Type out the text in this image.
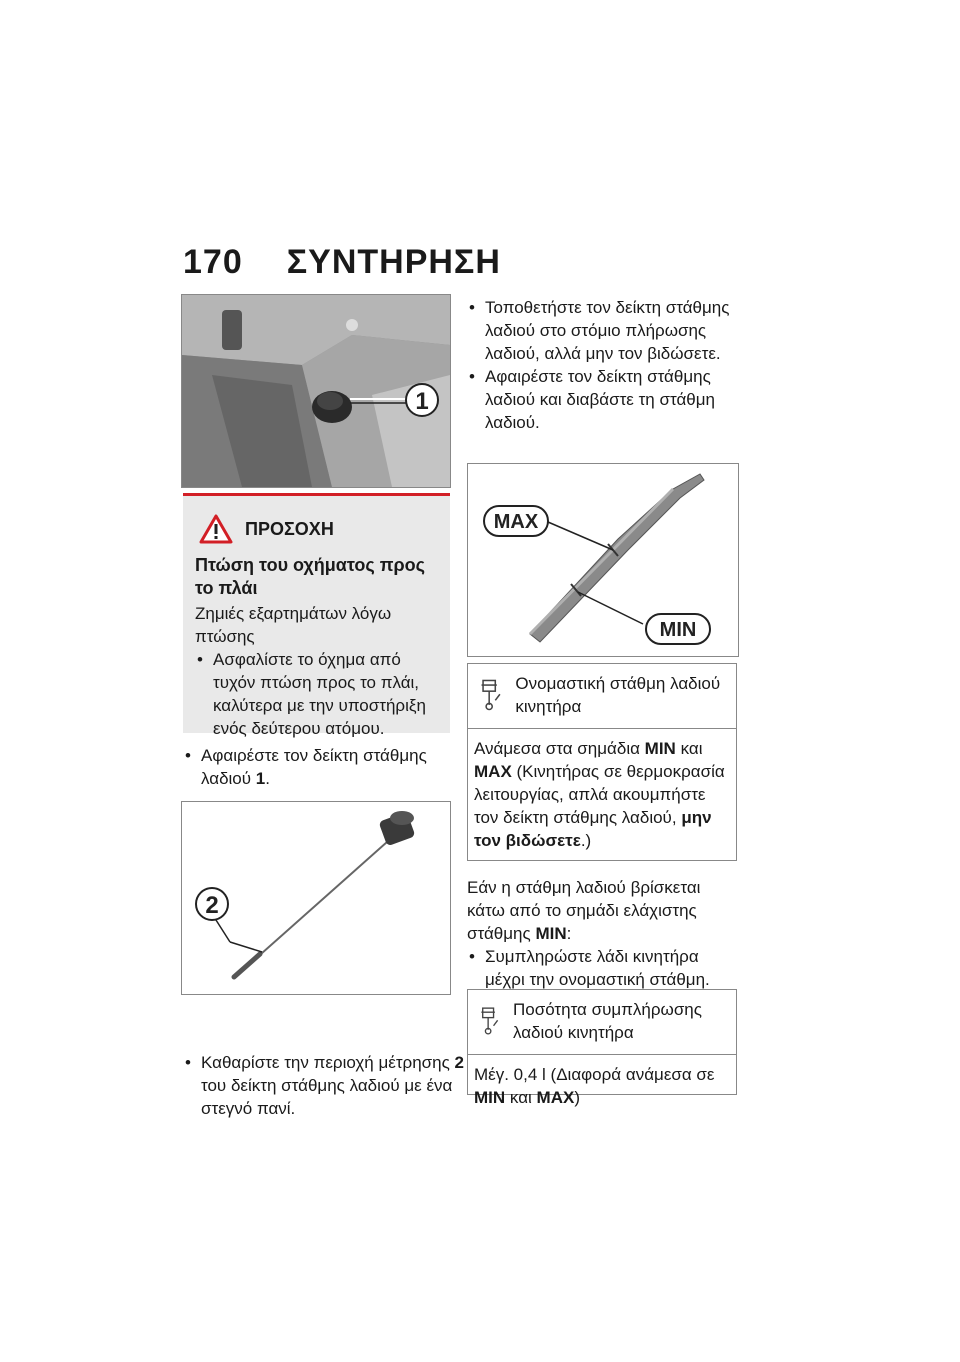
170 ΣΥΝΤΗΡΗΣΗ
1
ΠΡΟΣΟΧΗ
Πτώση του οχήματος προς το πλάι
Ζημιές εξαρτημάτων λόγω πτώσης
• Ασφαλίστε το όχημα από τυχόν πτώση προς το πλάι, καλύτερα με την υποστήριξη ενός δεύτερου ατόμου.
• Αφαιρέστε τον δείκτη στάθμης λαδιού 1.
2
• Καθαρίστε την περιοχή μέτρησης 2 του δείκτη στάθμης λαδιού με ένα στεγνό πανί.
• Τοποθετήστε τον δείκτη στάθμης λαδιού στο στόμιο πλήρωσης λαδιού, αλλά μην τον βιδώσετε.
• Αφαιρέστε τον δείκτη στάθμης λαδιού και διαβάστε τη στάθμη λαδιού.
MAX
MIN
Ονομαστική στάθμη λαδιού κινητήρα
Ανάμεσα στα σημάδια MIN και MAX (Κινητήρας σε θερμοκρασία λειτουργίας, απλά ακουμπήστε τον δείκτη στάθμης λαδιού, μην τον βιδώσετε.)
Εάν η στάθμη λαδιού βρίσκεται κάτω από το σημάδι ελάχιστης στάθμης MIN:
• Συμπληρώστε λάδι κινητήρα μέχρι την ονομαστική στάθμη.
Ποσότητα συμπλήρωσης λαδιού κινητήρα
Μέγ. 0,4 l (Διαφορά ανάμεσα σε MIN και MAX)
